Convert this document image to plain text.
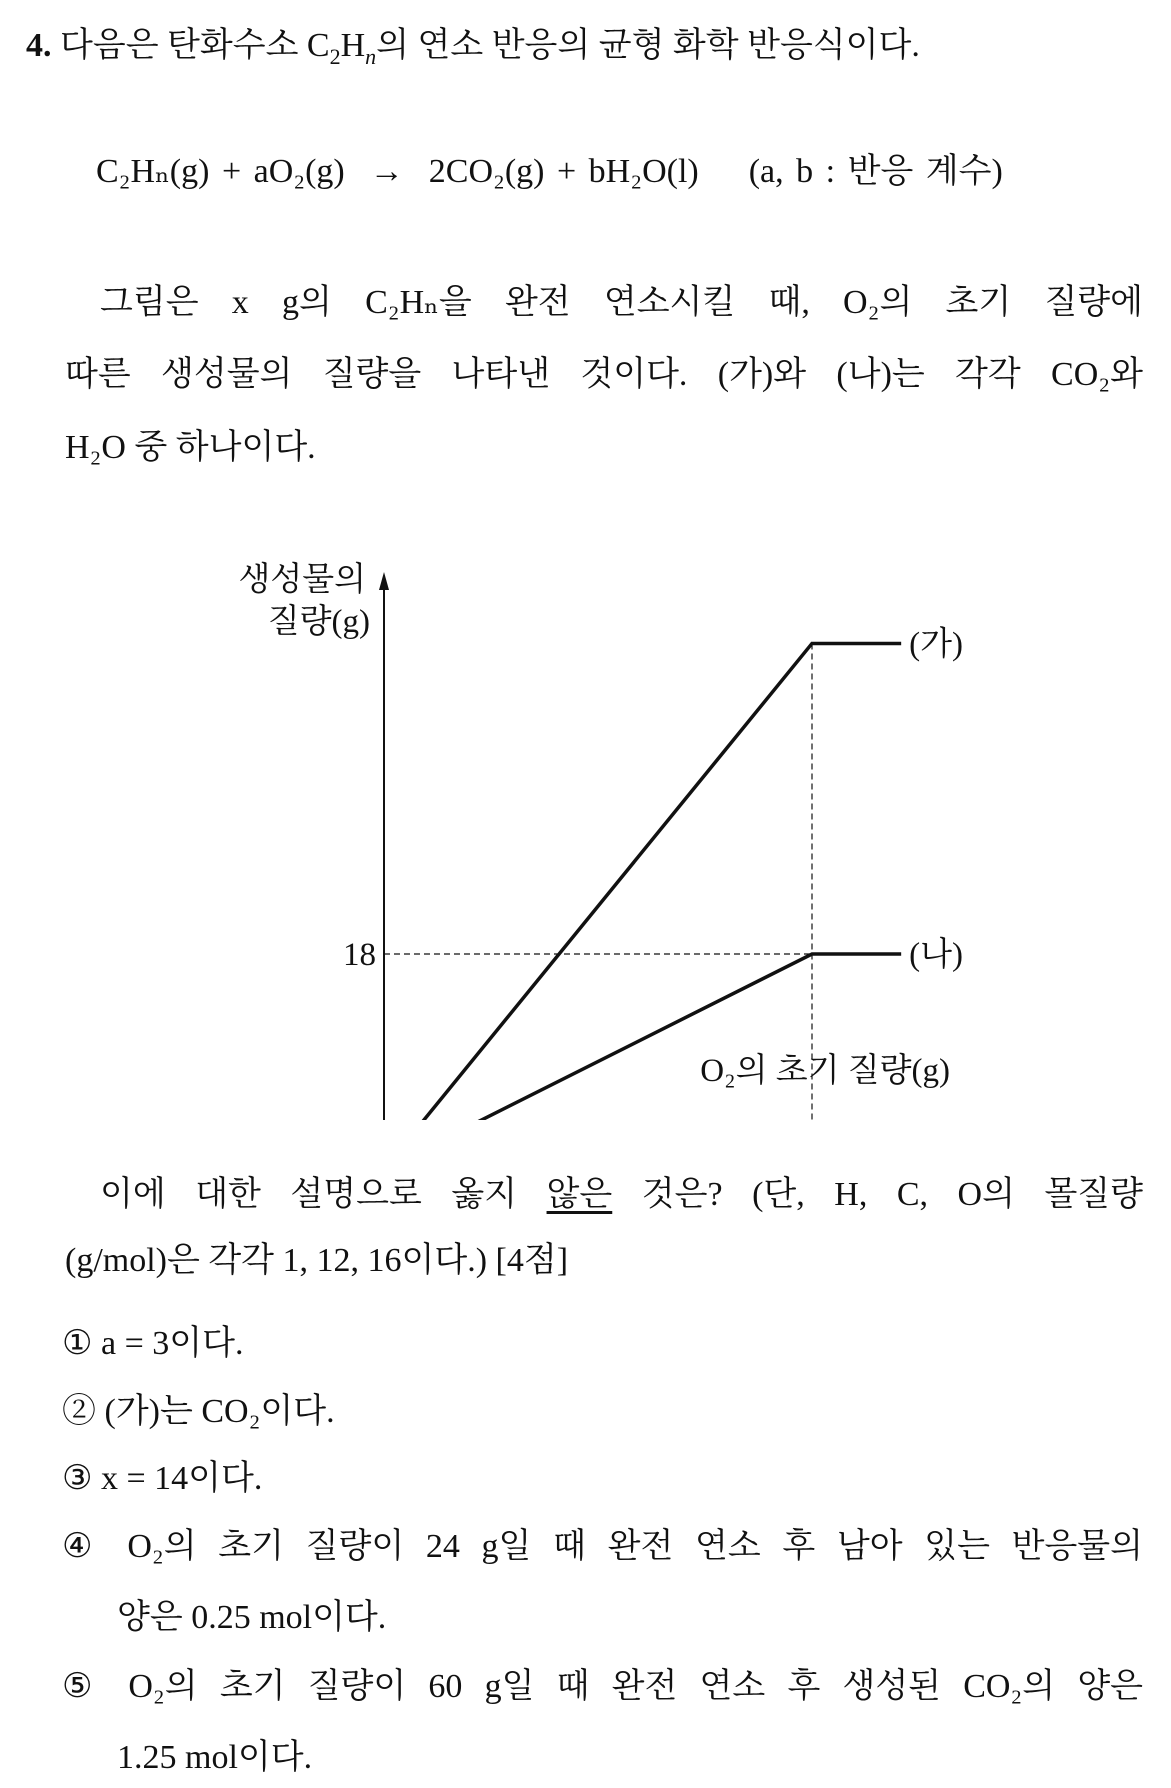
4. 다음은 탄화수소 $C_2H_n$의 연소 반응의 균형 화학 반응식이다.
C₂Hₙ(g) + aO₂(g) → 2CO₂(g) + bH₂O(l) (a, b : 반응 계수)
그림은 x g의 C₂Hₙ을 완전 연소시킬 때, O₂의 초기 질량에
따른 생성물의 질량을 나타낸 것이다. (가)와 (나)는 각각 CO₂와
H₂O 중 하나이다.
(가)
(나)
18
생성물의
질량(g)
O₂의 초기 질량(g)
이에 대한 설명으로 옳지 않은 것은? (단, H, C, O의 몰질량
(g/mol)은 각각 1, 12, 16이다.) [4점]
① a = 3이다.
② (가)는 CO₂이다.
③ x = 14이다.
④ O₂의 초기 질량이 24 g일 때 완전 연소 후 남아 있는 반응물의
양은 0.25 mol이다.
⑤ O₂의 초기 질량이 60 g일 때 완전 연소 후 생성된 CO₂의 양은
1.25 mol이다.
